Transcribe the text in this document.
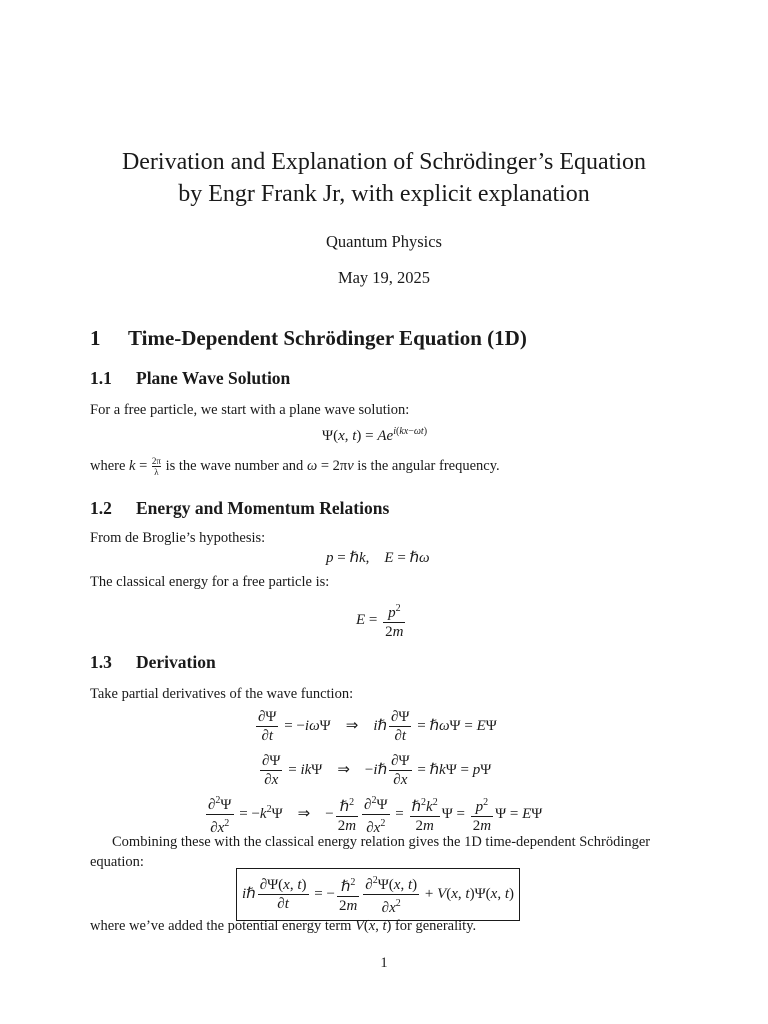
Derivation and Explanation of Schrödinger’s Equation
by Engr Frank Jr, with explicit explanation
Quantum Physics
May 19, 2025
1 Time-Dependent Schrödinger Equation (1D)
1.1 Plane Wave Solution
For a free particle, we start with a plane wave solution:
Ψ(x, $t) = Ae^{i(kx-\omega t)}$
where $k = \frac{2\pi}{\lambda}$ is the wave number and ω = 2πν is the angular frequency.
1.2 Energy and Momentum Relations
From de Broglie’s hypothesis:
p = ℏk,    E = ℏω
The classical energy for a free particle is:
$E = \frac{p^2}{2m}$
1.3 Derivation
Take partial derivatives of the wave function:
$\frac{\partial\Psi}{\partial t} = -i\omega\Psi$    ⇒    iℏ $\frac{\partial\Psi}{\partial t}$ = ℏωΨ = EΨ
$\frac{\partial\Psi}{\partial x} = ik\Psi$    ⇒    −iℏ $\frac{\partial\Psi}{\partial x}$ = ℏkΨ = pΨ
$\frac{\partial^2\Psi}{\partial x^2} = -k^2\Psi$    ⇒    − $\frac{\hbar^2}{2m} \frac{\partial^2\Psi}{\partial x^2} = \frac{\hbar^2k^2}{2m}$ $\Psi = \frac{p^2}{2m}$ Ψ = EΨ
Combining these with the classical energy relation gives the 1D time-dependent Schrödinger equation:
iℏ $\frac{\partial\Psi(x, t)}{\partial t}$ = − $\frac{\hbar^2}{2m} \frac{\partial^2\Psi(x, t)}{\partial x^2} + V(x$, t)Ψ(x, t)
where we’ve added the potential energy term V(x, t) for generality.
1
